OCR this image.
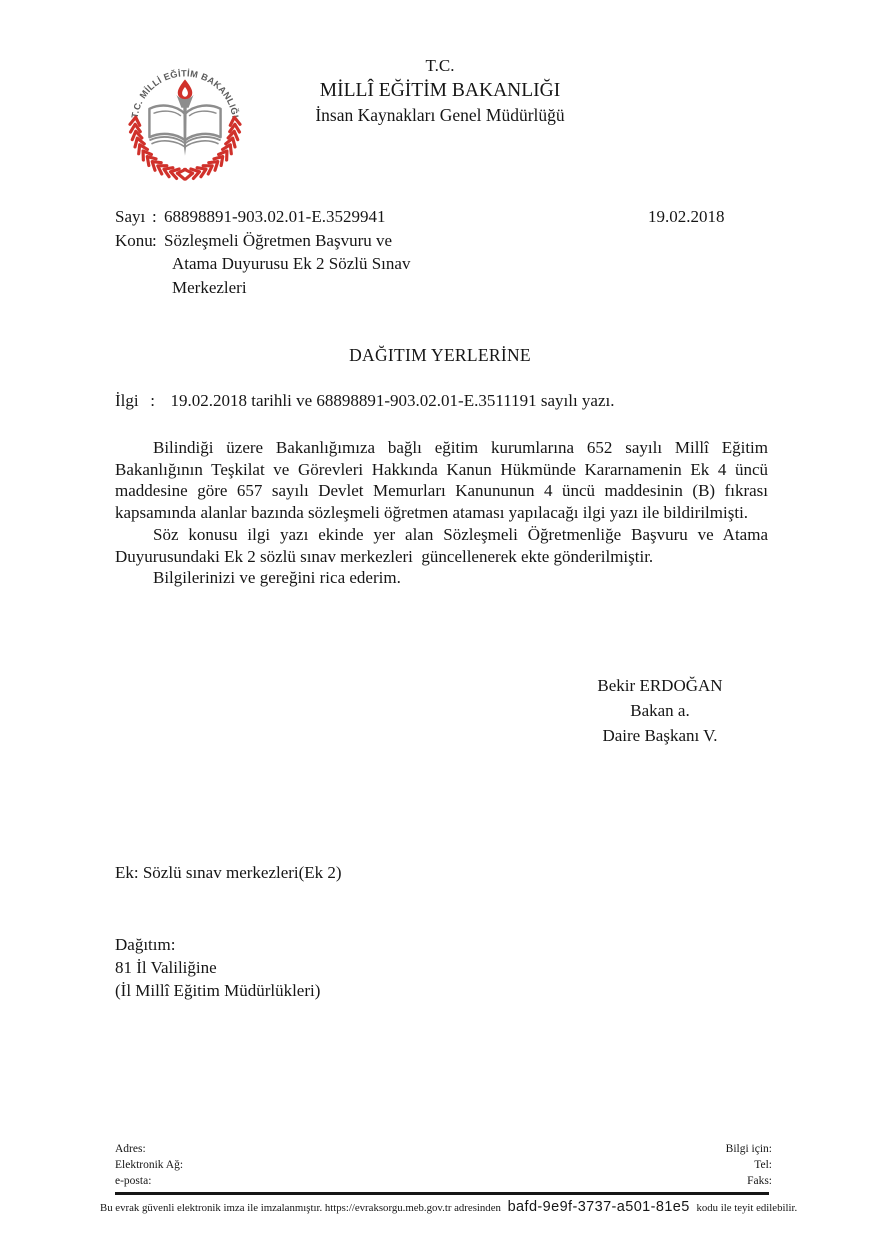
T.C. MİLLİ EĞİTİM BAKANLIĞI
T.C.
MİLLÎ EĞİTİM BAKANLIĞI
İnsan Kaynakları Genel Müdürlüğü
Sayı : 68898891-903.02.01-E.3529941
Konu : Sözleşmeli Öğretmen Başvuru ve
Atama Duyurusu Ek 2 Sözlü Sınav
Merkezleri
19.02.2018
DAĞITIM YERLERİNE
İlgi : 19.02.2018 tarihli ve 68898891-903.02.01-E.3511191 sayılı yazı.

Bilindiği üzere Bakanlığımıza bağlı eğitim kurumlarına 652 sayılı Millî Eğitim Bakanlığının Teşkilat ve Görevleri Hakkında Kanun Hükmünde Kararnamenin Ek 4 üncü maddesine göre 657 sayılı Devlet Memurları Kanununun 4 üncü maddesinin (B) fıkrası kapsamında alanlar bazında sözleşmeli öğretmen ataması yapılacağı ilgi yazı ile bildirilmişti.

Söz konusu ilgi yazı ekinde yer alan Sözleşmeli Öğretmenliğe Başvuru ve Atama Duyurusundaki Ek 2 sözlü sınav merkezleri  güncellenerek ekte gönderilmiştir.

Bilgilerinizi ve gereğini rica ederim.

Bekir ERDOĞAN
Bakan a.
Daire Başkanı V.
Ek: Sözlü sınav merkezleri(Ek 2)
Dağıtım:
81 İl Valiliğine
(İl Millî Eğitim Müdürlükleri)
Adres:
Elektronik Ağ:
e-posta:
Bilgi için:
Tel:
Faks:
Bu evrak güvenli elektronik imza ile imzalanmıştır. https://evraksorgu.meb.gov.tr adresinden bafd-9e9f-3737-a501-81e5 kodu ile teyit edilebilir.
